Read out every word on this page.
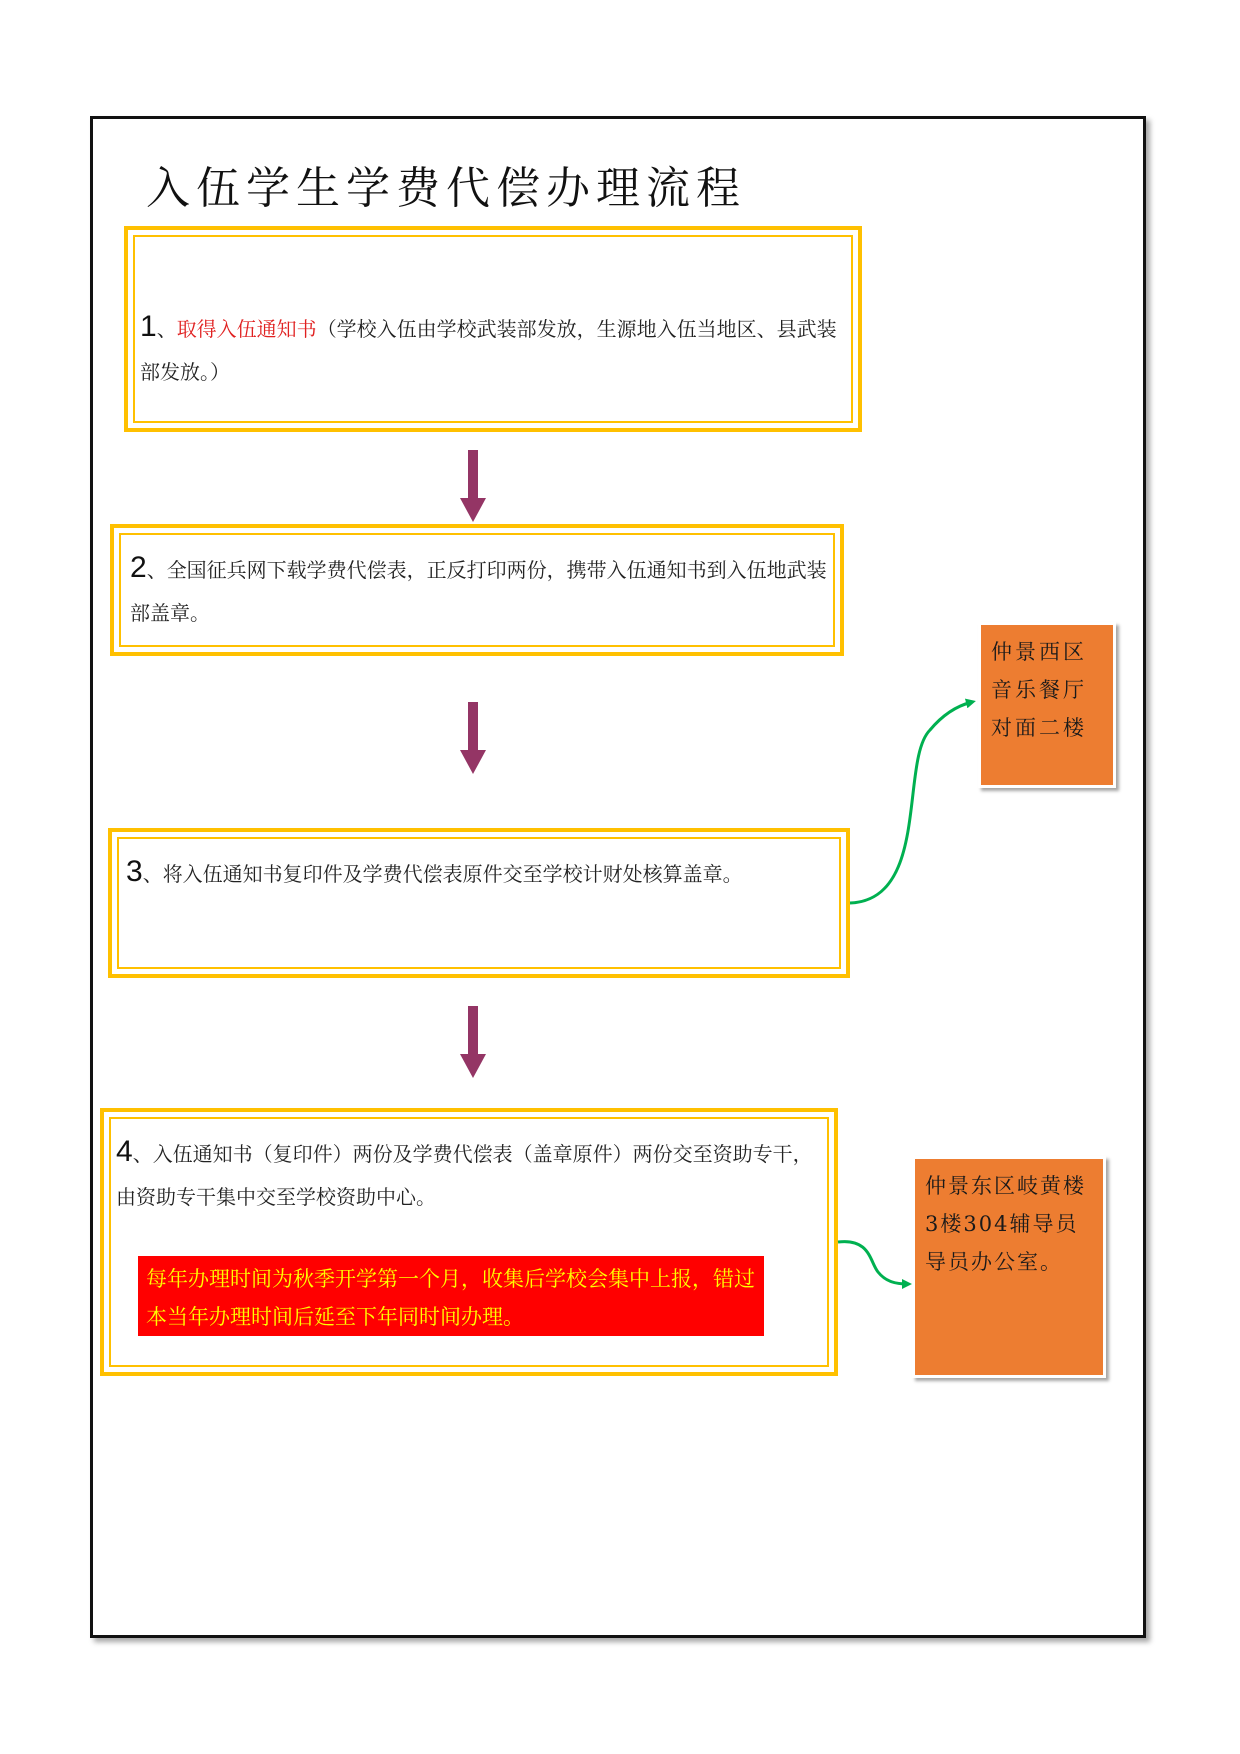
入伍学生学费代偿办理流程
1、取得入伍通知书（学校入伍由学校武装部发放，生源地入伍当地区、县武装部发放。）
2、全国征兵网下载学费代偿表，正反打印两份，携带入伍通知书到入伍地武装部盖章。
3、将入伍通知书复印件及学费代偿表原件交至学校计财处核算盖章。
4、入伍通知书（复印件）两份及学费代偿表（盖章原件）两份交至资助专干，由资助专干集中交至学校资助中心。
每年办理时间为秋季开学第一个月，收集后学校会集中上报，错过本当年办理时间后延至下年同时间办理。
仲景西区音乐餐厅对面二楼
仲景东区岐黄楼3楼304辅导员导员办公室。
